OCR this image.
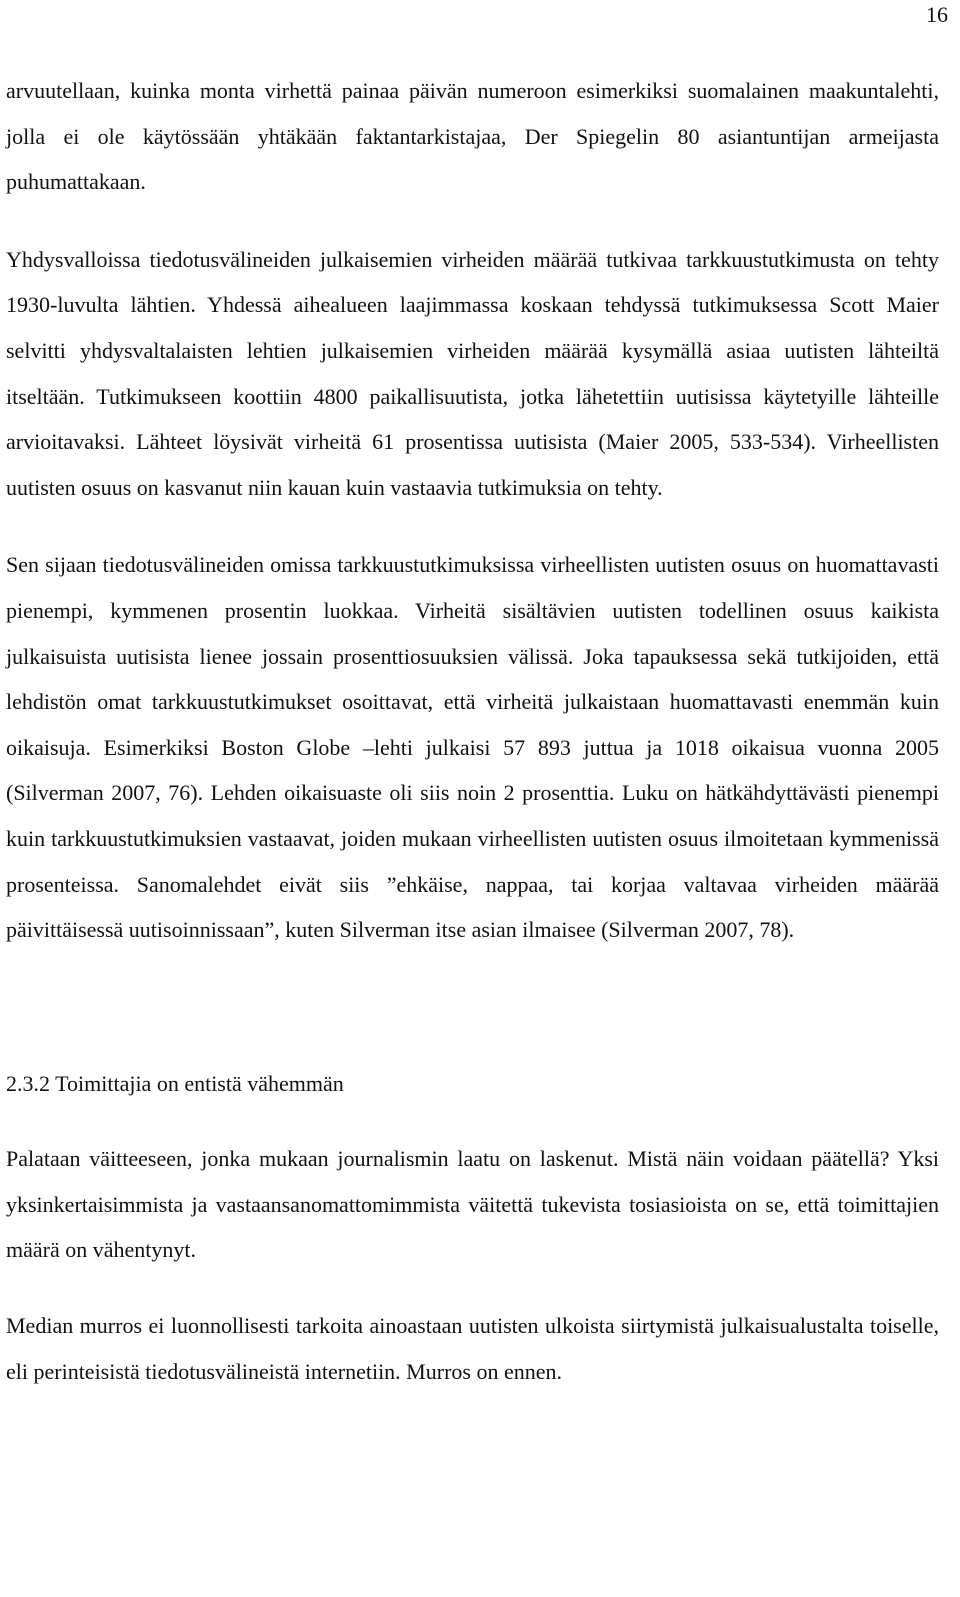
16

arvuutellaan, kuinka monta virhettä painaa päivän numeroon esimerkiksi suomalainen maakuntalehti, jolla ei ole käytössään yhtäkään faktantarkistajaa, Der Spiegelin 80 asiantuntijan armeijasta puhumattakaan.

Yhdysvalloissa tiedotusvälineiden julkaisemien virheiden määrää tutkivaa tarkkuustutkimusta on tehty 1930-luvulta lähtien. Yhdessä aihealueen laajimmassa koskaan tehdyssä tutkimuksessa Scott Maier selvitti yhdysvaltalaisten lehtien julkaisemien virheiden määrää kysymällä asiaa uutisten lähteiltä itseltään. Tutkimukseen koottiin 4800 paikallisuutista, jotka lähetettiin uutisissa käytetyille lähteille arvioitavaksi. Lähteet löysivät virheitä 61 prosentissa uutisista (Maier 2005, 533-534). Virheellisten uutisten osuus on kasvanut niin kauan kuin vastaavia tutkimuksia on tehty.

Sen sijaan tiedotusvälineiden omissa tarkkuustutkimuksissa virheellisten uutisten osuus on huomattavasti pienempi, kymmenen prosentin luokkaa. Virheitä sisältävien uutisten todellinen osuus kaikista julkaisuista uutisista lienee jossain prosenttiosuuksien välissä. Joka tapauksessa sekä tutkijoiden, että lehdistön omat tarkkuustutkimukset osoittavat, että virheitä julkaistaan huomattavasti enemmän kuin oikaisuja. Esimerkiksi Boston Globe –lehti julkaisi 57 893 juttua ja 1018 oikaisua vuonna 2005 (Silverman 2007, 76). Lehden oikaisuaste oli siis noin 2 prosenttia. Luku on hätkähdyttävästi pienempi kuin tarkkuustutkimuksien vastaavat, joiden mukaan virheellisten uutisten osuus ilmoitetaan kymmenissä prosenteissa. Sanomalehdet eivät siis ”ehkäise, nappaa, tai korjaa valtavaa virheiden määrää päivittäisessä uutisoinnissaan”, kuten Silverman itse asian ilmaisee (Silverman 2007, 78).

2.3.2 Toimittajia on entistä vähemmän

Palataan väitteeseen, jonka mukaan journalismin laatu on laskenut. Mistä näin voidaan päätellä? Yksi yksinkertaisimmista ja vastaansanomattomimmista väitettä tukevista tosiasioista on se, että toimittajien määrä on vähentynyt.

Median murros ei luonnollisesti tarkoita ainoastaan uutisten ulkoista siirtymistä julkaisualustalta toiselle, eli perinteisistä tiedotusvälineistä internetiin. Murros on ennen.
